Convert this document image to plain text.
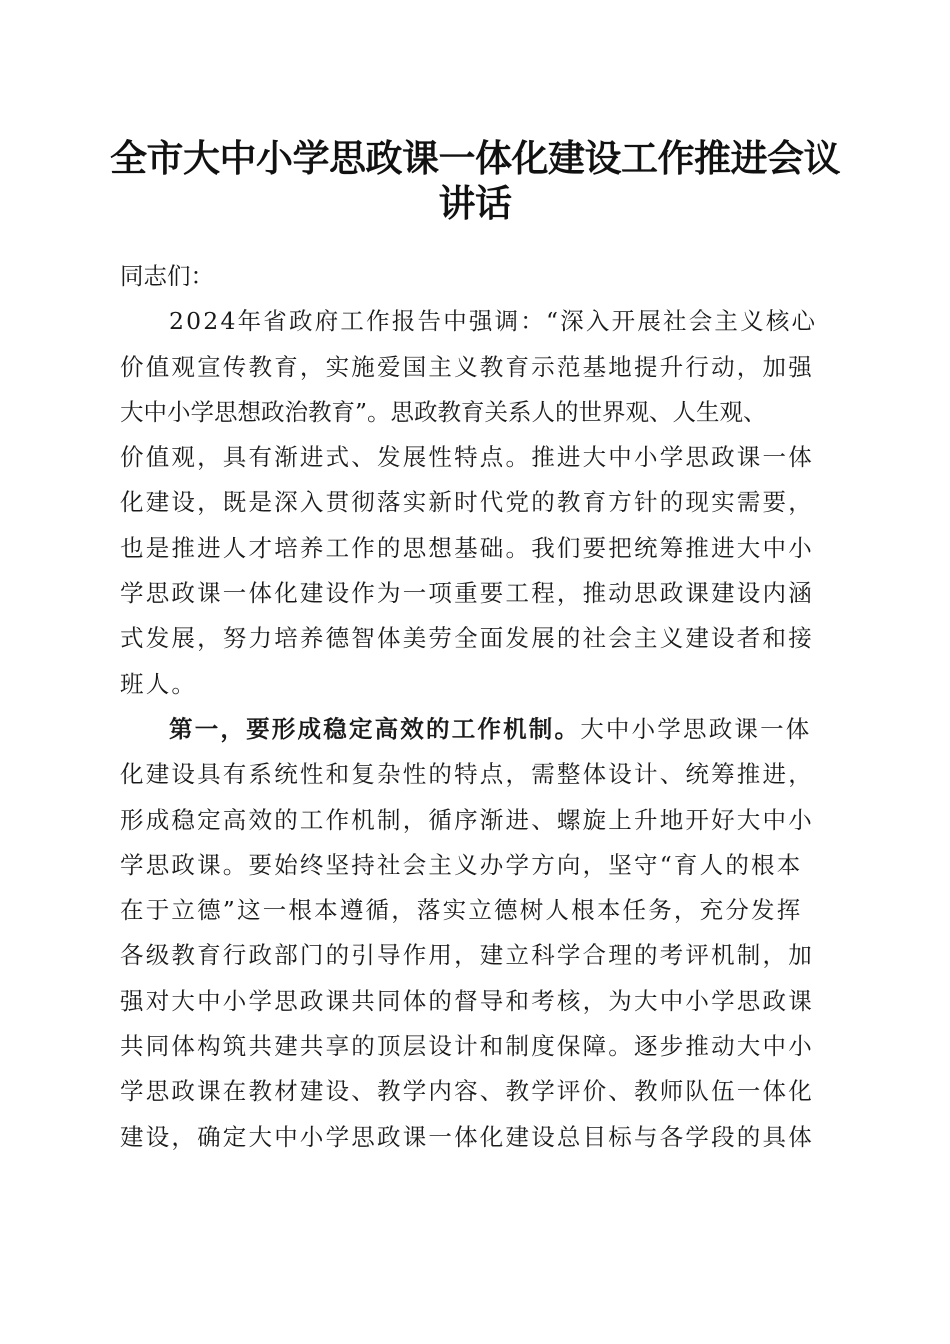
全市大中小学思政课一体化建设工作推进会议
讲话
同志们：
2024年省政府工作报告中强调：“深入开展社会主义核心
价值观宣传教育，实施爱国主义教育示范基地提升行动，加强
大中小学思想政治教育”。思政教育关系人的世界观、人生观、
价值观，具有渐进式、发展性特点。推进大中小学思政课一体
化建设，既是深入贯彻落实新时代党的教育方针的现实需要，
也是推进人才培养工作的思想基础。我们要把统筹推进大中小
学思政课一体化建设作为一项重要工程，推动思政课建设内涵
式发展，努力培养德智体美劳全面发展的社会主义建设者和接
班人。
第一，要形成稳定高效的工作机制。大中小学思政课一体
化建设具有系统性和复杂性的特点，需整体设计、统筹推进，
形成稳定高效的工作机制，循序渐进、螺旋上升地开好大中小
学思政课。要始终坚持社会主义办学方向，坚守“育人的根本
在于立德”这一根本遵循，落实立德树人根本任务，充分发挥
各级教育行政部门的引导作用，建立科学合理的考评机制，加
强对大中小学思政课共同体的督导和考核，为大中小学思政课
共同体构筑共建共享的顶层设计和制度保障。逐步推动大中小
学思政课在教材建设、教学内容、教学评价、教师队伍一体化
建设，确定大中小学思政课一体化建设总目标与各学段的具体
